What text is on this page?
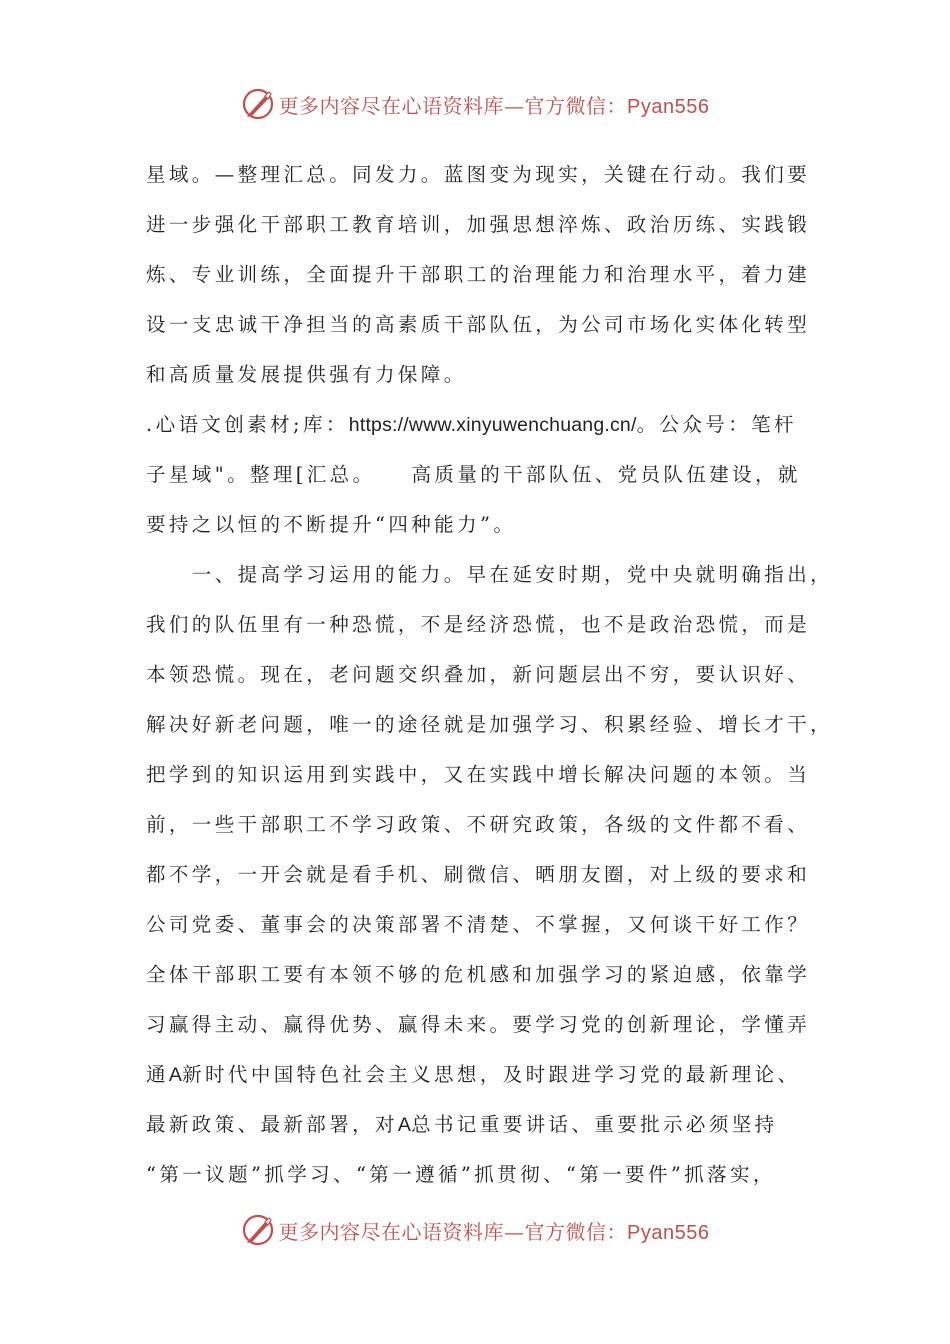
更多内容尽在心语资料库—官方微信：Pyan556
星域。—整理汇总。同发力。蓝图变为现实，关键在行动。我们要
进一步强化干部职工教育培训，加强思想淬炼、政治历练、实践锻
炼、专业训练，全面提升干部职工的治理能力和治理水平，着力建
设一支忠诚干净担当的高素质干部队伍，为公司市场化实体化转型
和高质量发展提供强有力保障。
.心语文创素材;库：https://www.xinyuwenchuang.cn/。公众号：笔杆
子星域"。整理[汇总。　　高质量的干部队伍、党员队伍建设，就
要持之以恒的不断提升“四种能力”。
　　一、提高学习运用的能力。早在延安时期，党中央就明确指出，
我们的队伍里有一种恐慌，不是经济恐慌，也不是政治恐慌，而是
本领恐慌。现在，老问题交织叠加，新问题层出不穷，要认识好、
解决好新老问题，唯一的途径就是加强学习、积累经验、增长才干，
把学到的知识运用到实践中，又在实践中增长解决问题的本领。当
前，一些干部职工不学习政策、不研究政策，各级的文件都不看、
都不学，一开会就是看手机、刷微信、晒朋友圈，对上级的要求和
公司党委、董事会的决策部署不清楚、不掌握，又何谈干好工作？
全体干部职工要有本领不够的危机感和加强学习的紧迫感，依靠学
习赢得主动、赢得优势、赢得未来。要学习党的创新理论，学懂弄
通A新时代中国特色社会主义思想，及时跟进学习党的最新理论、
最新政策、最新部署，对A总书记重要讲话、重要批示必须坚持
“第一议题”抓学习、“第一遵循”抓贯彻、“第一要件”抓落实，
更多内容尽在心语资料库—官方微信：Pyan556
